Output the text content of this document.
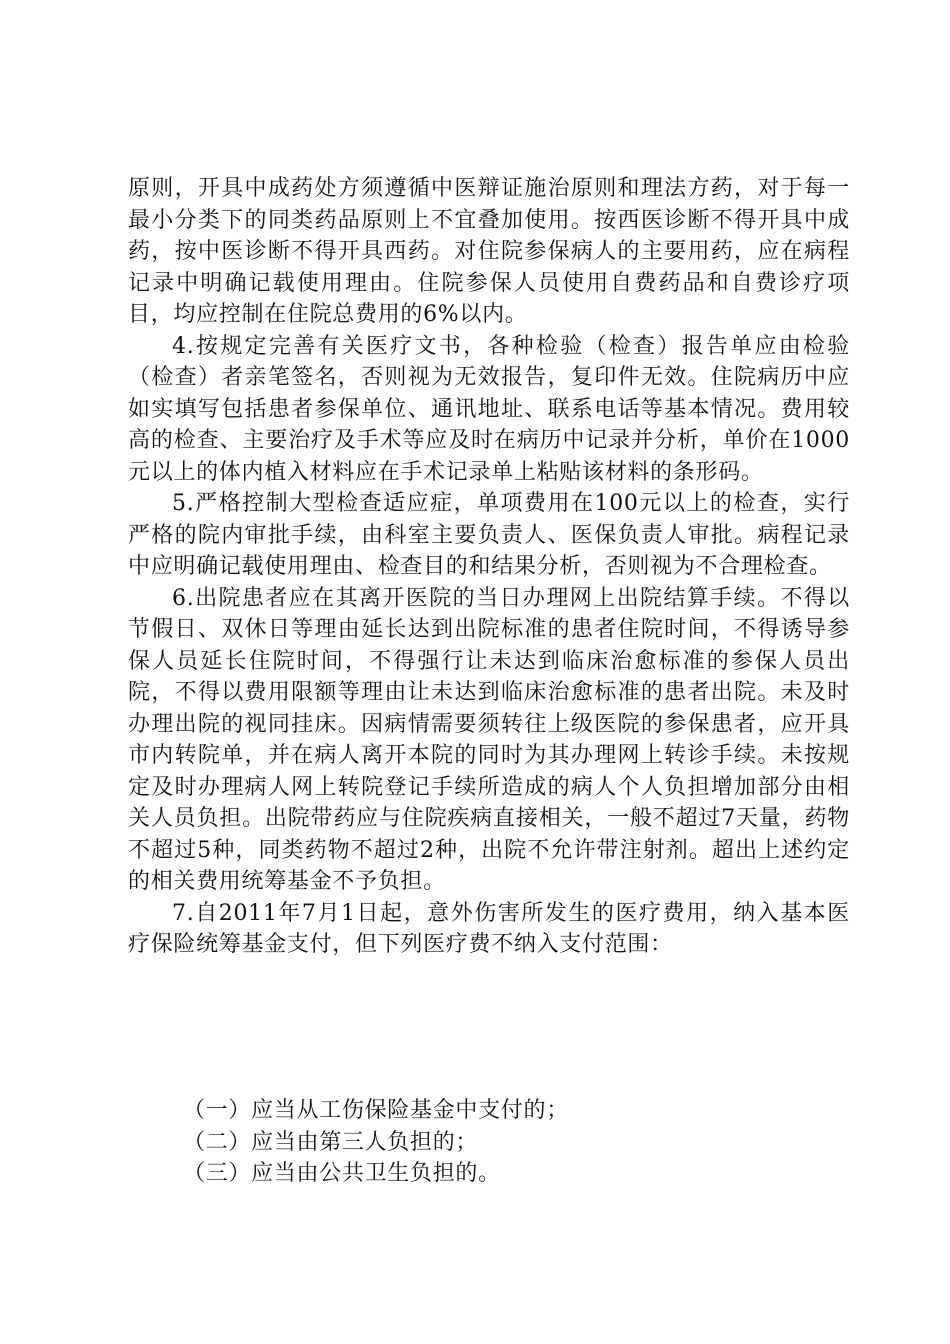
原则，开具中成药处方须遵循中医辩证施治原则和理法方药，对于每一最小分类下的同类药品原则上不宜叠加使用。按西医诊断不得开具中成药，按中医诊断不得开具西药。对住院参保病人的主要用药，应在病程记录中明确记载使用理由。住院参保人员使用自费药品和自费诊疗项目，均应控制在住院总费用的6%以内。

4.按规定完善有关医疗文书，各种检验（检查）报告单应由检验（检查）者亲笔签名，否则视为无效报告，复印件无效。住院病历中应如实填写包括患者参保单位、通讯地址、联系电话等基本情况。费用较高的检查、主要治疗及手术等应及时在病历中记录并分析，单价在1000元以上的体内植入材料应在手术记录单上粘贴该材料的条形码。

5.严格控制大型检查适应症，单项费用在100元以上的检查，实行严格的院内审批手续，由科室主要负责人、医保负责人审批。病程记录中应明确记载使用理由、检查目的和结果分析，否则视为不合理检查。

6.出院患者应在其离开医院的当日办理网上出院结算手续。不得以节假日、双休日等理由延长达到出院标准的患者住院时间，不得诱导参保人员延长住院时间，不得强行让未达到临床治愈标准的参保人员出院，不得以费用限额等理由让未达到临床治愈标准的患者出院。未及时办理出院的视同挂床。因病情需要须转往上级医院的参保患者，应开具市内转院单，并在病人离开本院的同时为其办理网上转诊手续。未按规定及时办理病人网上转院登记手续所造成的病人个人负担增加部分由相关人员负担。出院带药应与住院疾病直接相关，一般不超过7天量，药物不超过5种，同类药物不超过2种，出院不允许带注射剂。超出上述约定的相关费用统筹基金不予负担。

7.自2011年7月1日起，意外伤害所发生的医疗费用，纳入基本医疗保险统筹基金支付，但下列医疗费不纳入支付范围：

（一）应当从工伤保险基金中支付的；

（二）应当由第三人负担的；

（三）应当由公共卫生负担的。
